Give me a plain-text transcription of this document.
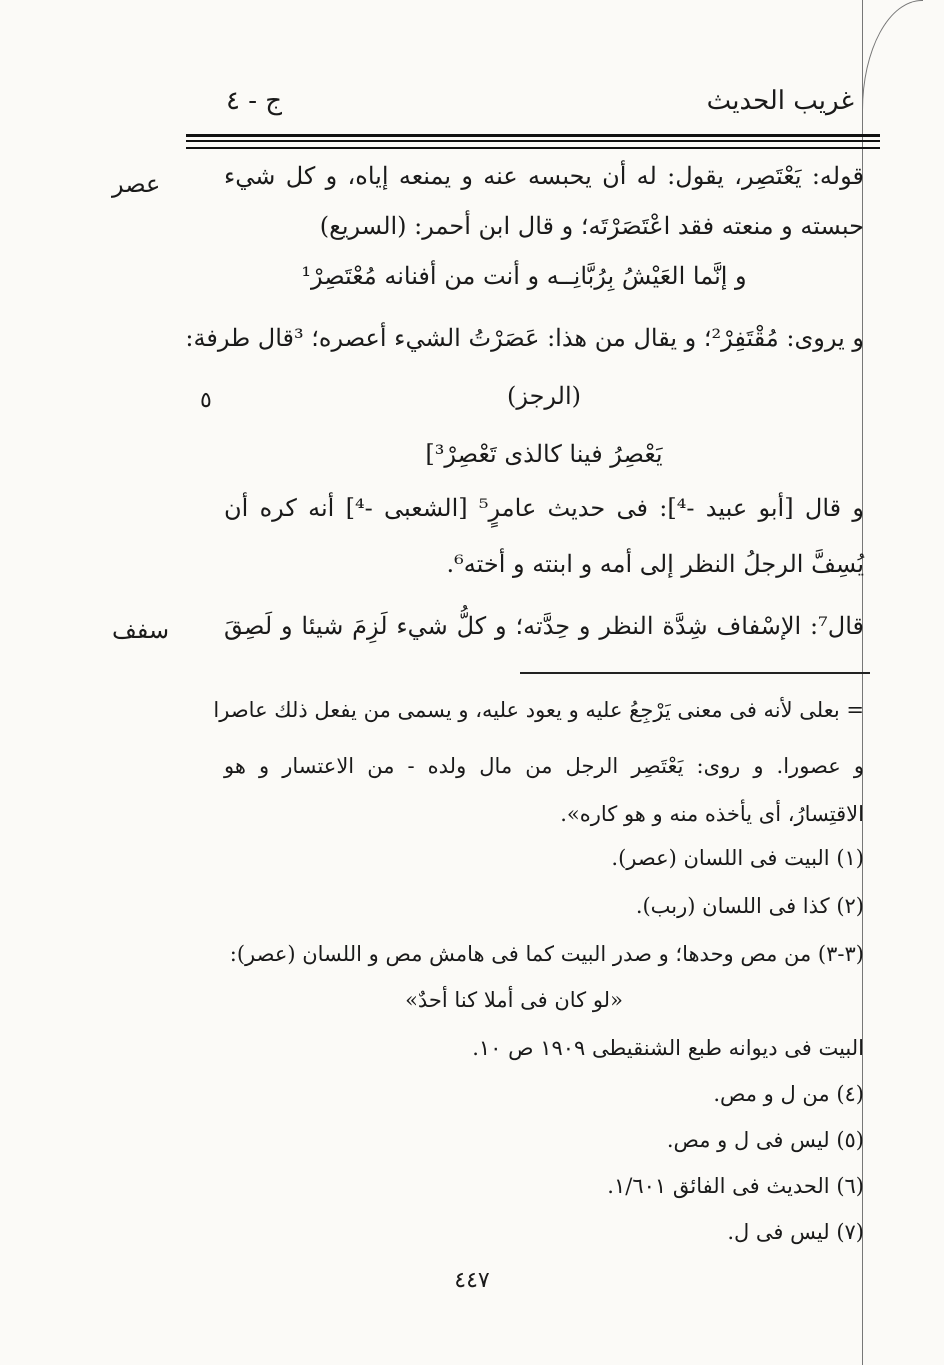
غريب الحديث
ج - ٤
عصر
سفف
٥
قوله: يَعْتَصِر، يقول: له أن يحبسه عنه و يمنعه إياه، و كل شيء
حبسته و منعته فقد اعْتَصَرْتَه؛ و قال ابن أحمر: (السريع)
و إنَّما العَيْشُ بِرُبَّانِــه و أنت من أفنانه مُعْتَصِرْ¹
و يروى: مُقْتَفِرْ²؛ و يقال من هذا: عَصَرْتُ الشيء أعصره؛ ³قال طرفة:
(الرجز)
يَعْصِرُ فينا كالذى تَعْصِرْ³]
و قال [أبو عبيد -⁴]: فى حديث عامرٍ⁵ [الشعبى -⁴] أنه كره أن
يُسِفَّ الرجلُ النظر إلى أمه و ابنته و أخته⁶.
قال⁷: الإسْفاف شِدَّة النظر و حِدَّته؛ و كلُّ شيء لَزِمَ شيئا و لَصِقَ
= بعلى لأنه فى معنى يَرْجِعُ عليه و يعود عليه، و يسمى من يفعل ذلك عاصرا
و عصورا. و روى: يَعْتَصِر الرجل من مال ولده - من الاعتسار و هو
الاقتِسارُ، أى يأخذه منه و هو كاره».
(١) البيت فى اللسان (عصر).
(٢) كذا فى اللسان (ربب).
(٣-٣) من مص وحدها؛ و صدر البيت كما فى هامش مص و اللسان (عصر):
«لو كان فى أملا كنا أحدٌ»
البيت فى ديوانه طبع الشنقيطى ١٩٠٩ ص ١٠.
(٤) من ل و مص.
(٥) ليس فى ل و مص.
(٦) الحديث فى الفائق ١/٦٠١.
(٧) ليس فى ل.
٤٤٧
